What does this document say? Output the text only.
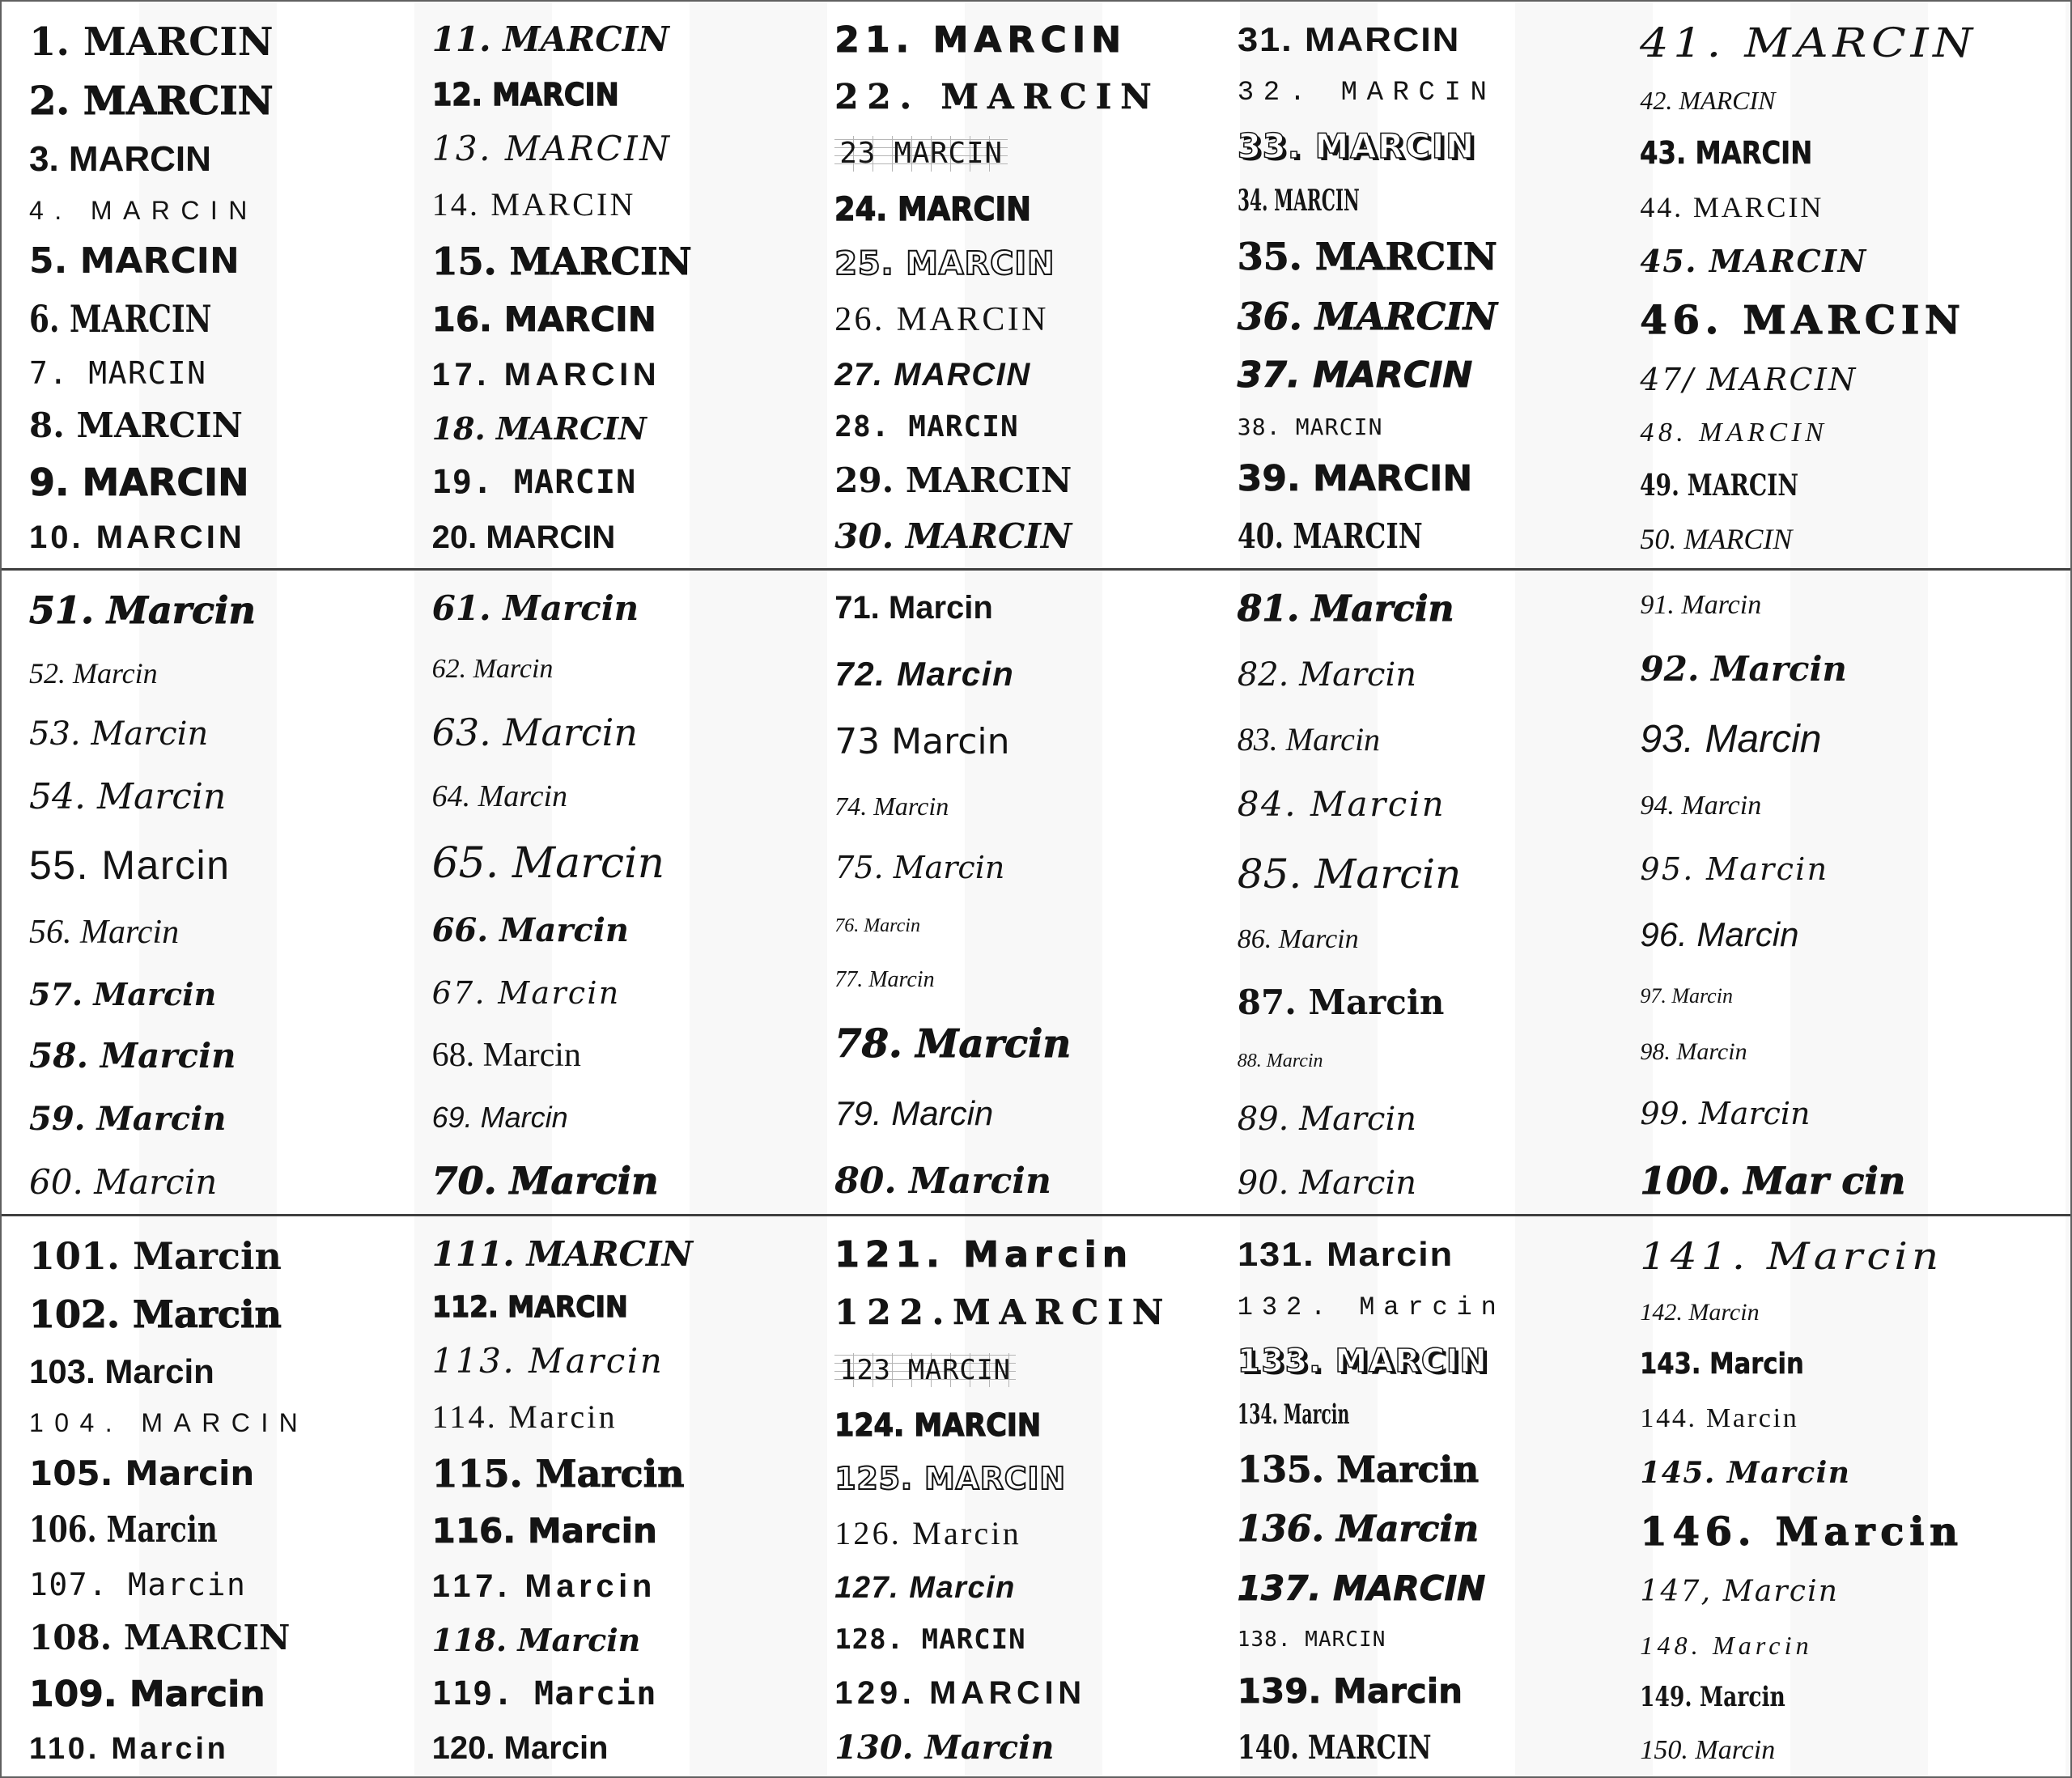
1. MARCIN
2. MARCIN
3. MARCIN
4. MARCIN
5. MARCIN
6. MARCIN
7. MARCIN
8. MARCIN
9. MARCIN
10. MARCIN
11. MARCIN
12. MARCIN
13. MARCIN
14. MARCIN
15. MARCIN
16. MARCIN
17. MARCIN
18. MARCIN
19. MARCIN
20. MARCIN
21. MARCIN
22. MARCIN
23 MARCIN
24. MARCIN
25. MARCIN
26. MARCIN
27. MARCIN
28. MARCIN
29. MARCIN
30. MARCIN
31. MARCIN
32. MARCIN
33. MARCIN
34. MARCIN
35. MARCIN
36. MARCIN
37. MARCIN
38. MARCIN
39. MARCIN
40. MARCIN
41. MARCIN
42. MARCIN
43. MARCIN
44. MARCIN
45. MARCIN
46. MARCIN
47/ MARCIN
48. MARCIN
49. MARCIN
50. MARCIN
51. Marcin
52. Marcin
53. Marcin
54. Marcin
55. Marcin
56. Marcin
57. Marcin
58. Marcin
59. Marcin
60. Marcin
61. Marcin
62. Marcin
63. Marcin
64. Marcin
65. Marcin
66. Marcin
67. Marcin
68. Marcin
69. Marcin
70. Marcin
71. Marcin
72. Marcin
73 Marcin
74. Marcin
75. Marcin
76. Marcin
77. Marcin
78. Marcin
79. Marcin
80. Marcin
81. Marcin
82. Marcin
83. Marcin
84. Marcin
85. Marcin
86. Marcin
87. Marcin
88. Marcin
89. Marcin
90. Marcin
91. Marcin
92. Marcin
93. Marcin
94. Marcin
95. Marcin
96. Marcin
97. Marcin
98. Marcin
99. Marcin
100. Mar cin
101. Marcin
102. Marcin
103. Marcin
104. MARCIN
105. Marcin
106. Marcin
107. Marcin
108. MARCIN
109. Marcin
110. Marcin
111. MARCIN
112. MARCIN
113. Marcin
114. Marcin
115. Marcin
116. Marcin
117. Marcin
118. Marcin
119. Marcin
120. Marcin
121. Marcin
122.MARCIN
123 MARCIN
124. MARCIN
125. MARCIN
126. Marcin
127. Marcin
128. MARCIN
129. MARCIN
130. Marcin
131. Marcin
132. Marcin
133. MARCIN
134. Marcin
135. Marcin
136. Marcin
137. MARCIN
138. MARCIN
139. Marcin
140. MARCIN
141. Marcin
142. Marcin
143. Marcin
144. Marcin
145. Marcin
146. Marcin
147, Marcin
148. Marcin
149. Marcin
150. Marcin
